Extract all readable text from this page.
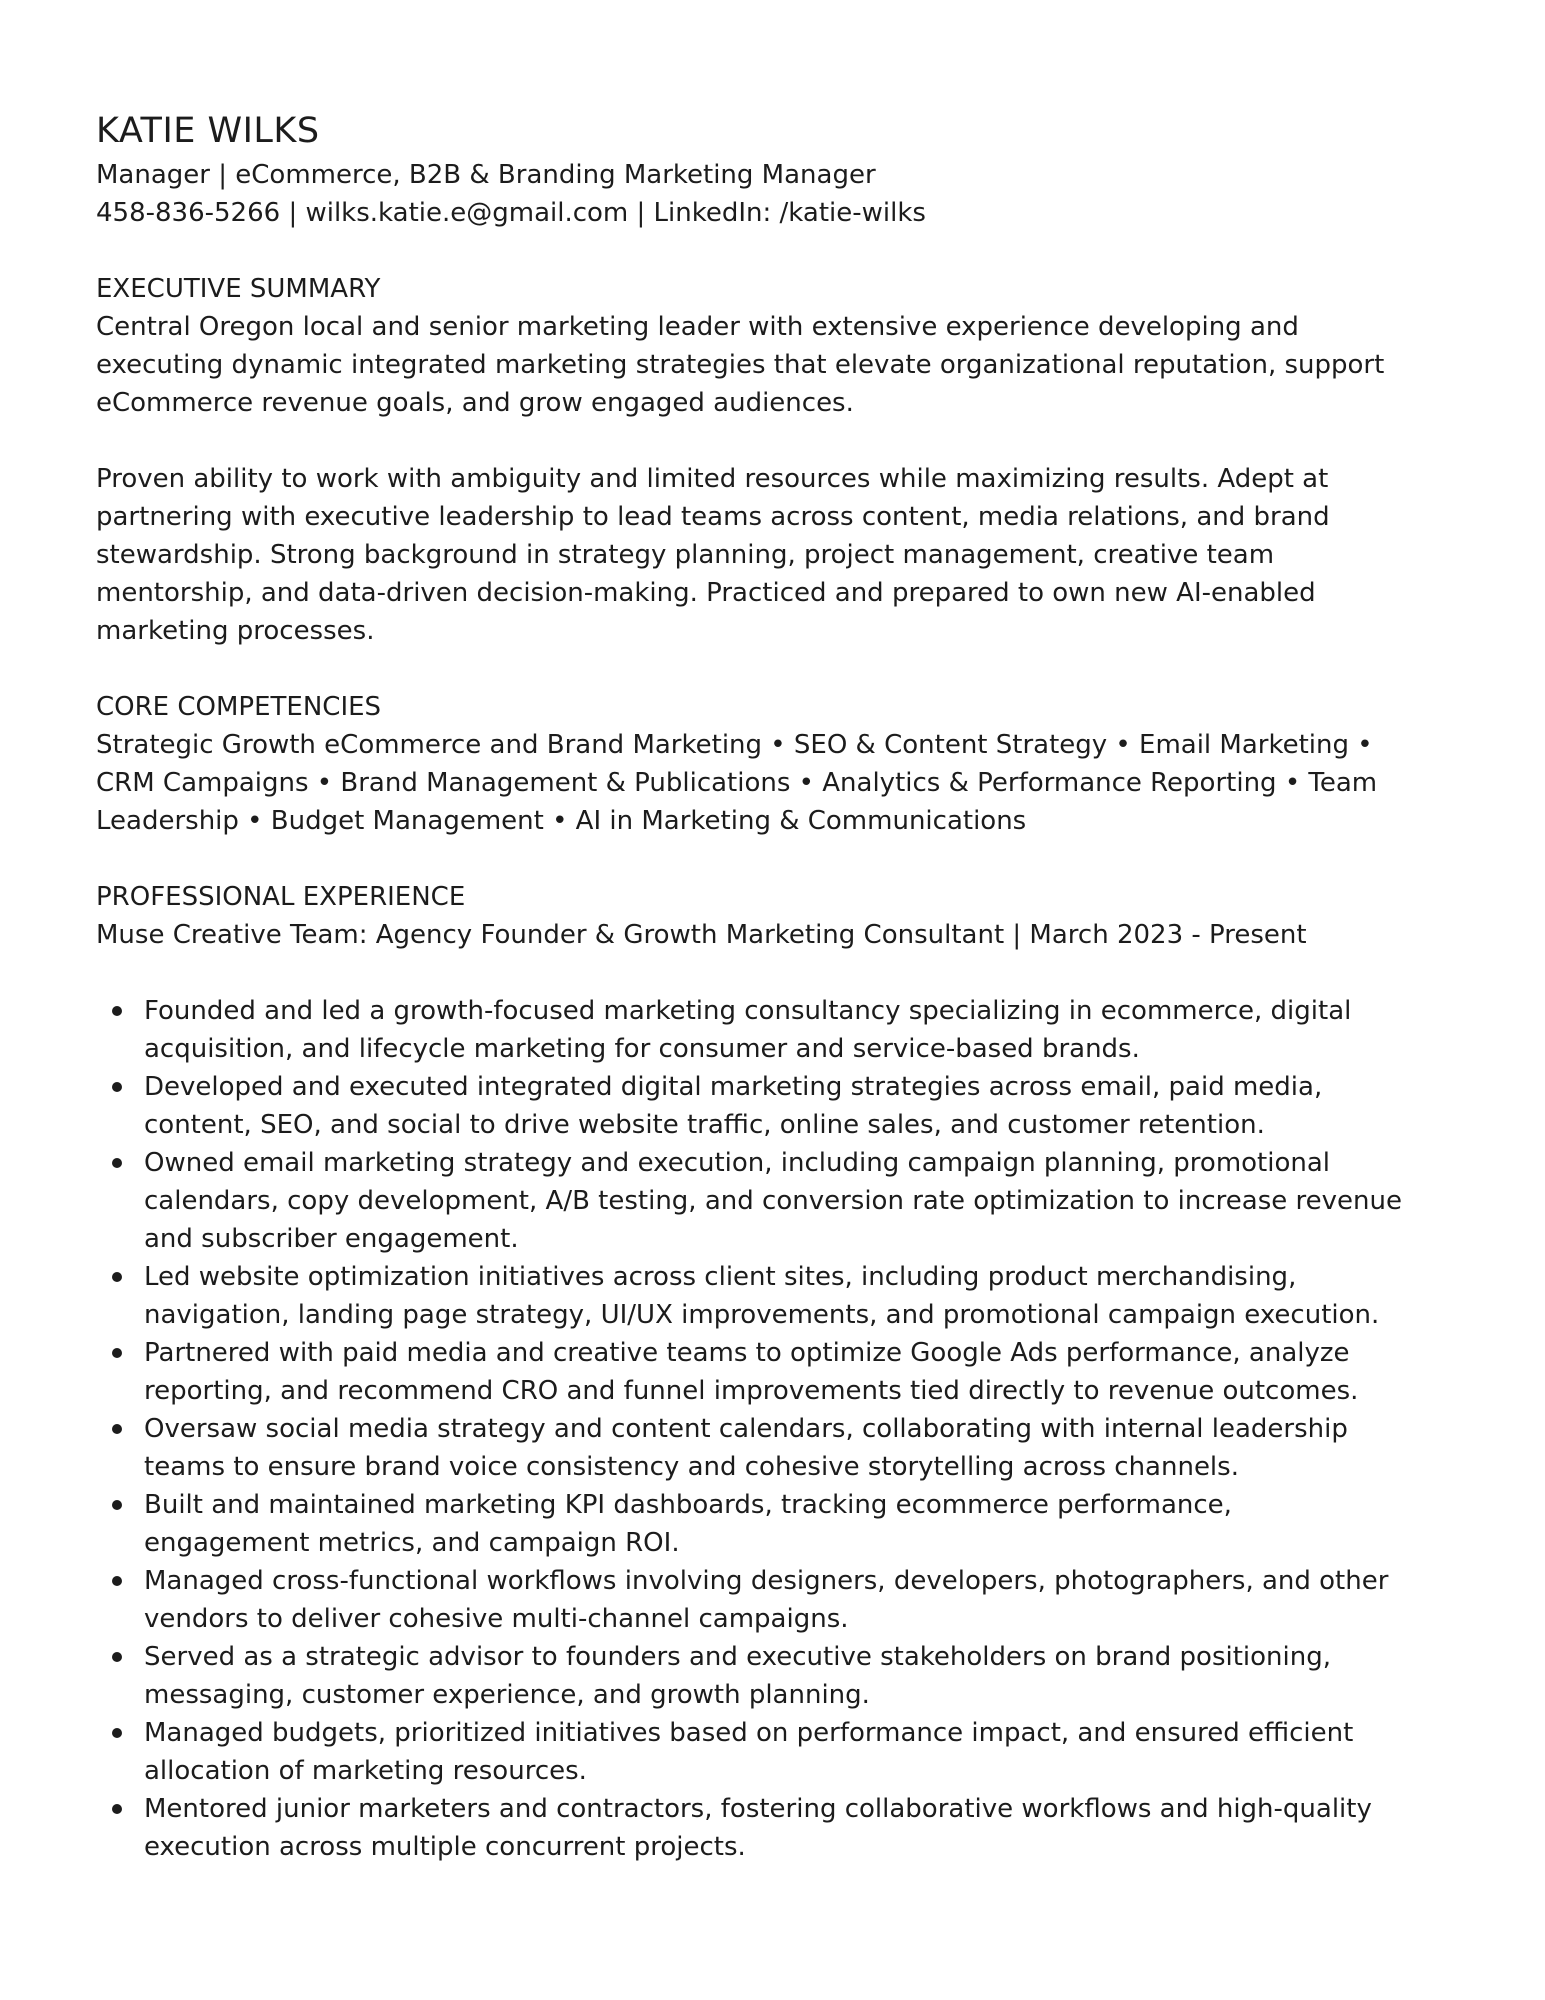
KATIE WILKS

Manager | eCommerce, B2B & Branding Marketing Manager

458-836-5266 | wilks.katie.e@gmail.com | LinkedIn: /katie-wilks

EXECUTIVE SUMMARY

Central Oregon local and senior marketing leader with extensive experience developing and executing dynamic integrated marketing strategies that elevate organizational reputation, support eCommerce revenue goals, and grow engaged audiences.

Proven ability to work with ambiguity and limited resources while maximizing results. Adept at partnering with executive leadership to lead teams across content, media relations, and brand stewardship. Strong background in strategy planning, project management, creative team mentorship, and data-driven decision-making. Practiced and prepared to own new AI-enabled marketing processes.

CORE COMPETENCIES

Strategic Growth eCommerce and Brand Marketing • SEO & Content Strategy • Email Marketing • CRM Campaigns • Brand Management & Publications • Analytics & Performance Reporting • Team Leadership • Budget Management • AI in Marketing & Communications

PROFESSIONAL EXPERIENCE

Muse Creative Team: Agency Founder & Growth Marketing Consultant | March 2023 - Present

Founded and led a growth-focused marketing consultancy specializing in ecommerce, digital acquisition, and lifecycle marketing for consumer and service-based brands.
Developed and executed integrated digital marketing strategies across email, paid media, content, SEO, and social to drive website traffic, online sales, and customer retention.
Owned email marketing strategy and execution, including campaign planning, promotional calendars, copy development, A/B testing, and conversion rate optimization to increase revenue and subscriber engagement.
Led website optimization initiatives across client sites, including product merchandising, navigation, landing page strategy, UI/UX improvements, and promotional campaign execution.
Partnered with paid media and creative teams to optimize Google Ads performance, analyze reporting, and recommend CRO and funnel improvements tied directly to revenue outcomes.
Oversaw social media strategy and content calendars, collaborating with internal leadership teams to ensure brand voice consistency and cohesive storytelling across channels.
Built and maintained marketing KPI dashboards, tracking ecommerce performance, engagement metrics, and campaign ROI.
Managed cross-functional workflows involving designers, developers, photographers, and other vendors to deliver cohesive multi-channel campaigns.
Served as a strategic advisor to founders and executive stakeholders on brand positioning, messaging, customer experience, and growth planning.
Managed budgets, prioritized initiatives based on performance impact, and ensured efficient allocation of marketing resources.
Mentored junior marketers and contractors, fostering collaborative workflows and high-quality execution across multiple concurrent projects.
